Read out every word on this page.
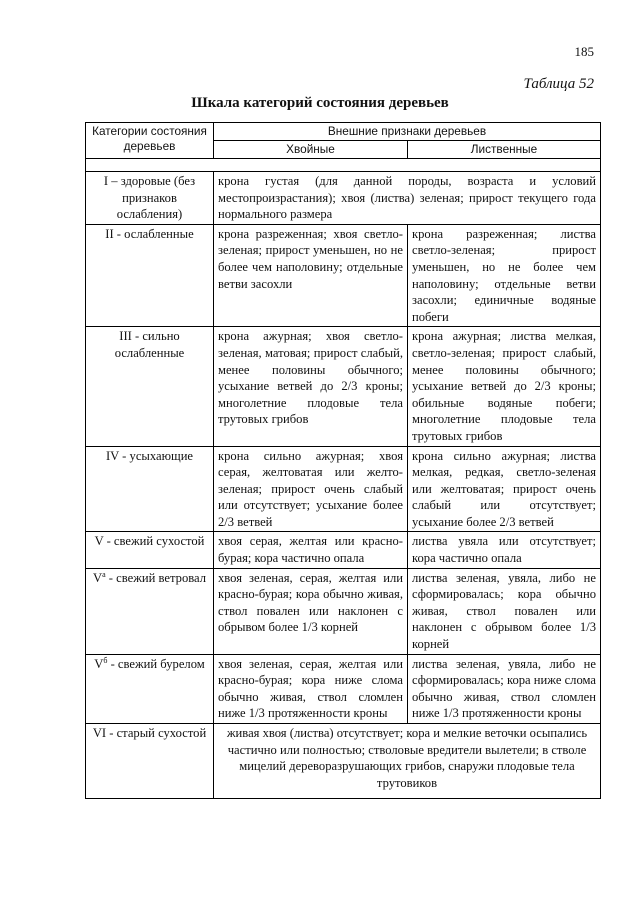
185
Таблица 52
Шкала категорий состояния деревьев
Категории состояния деревьев	Внешние признаки деревьев	
	Хвойные	Лиственные

I – здоровые (без признаков ослабления)	крона густая (для данной породы, возраста и условий местопроизрастания); хвоя (листва) зеленая; прирост текущего года нормального размера	
II - ослабленные	крона разреженная; хвоя светло-зеленая; прирост уменьшен, но не более чем наполовину; отдельные ветви засохли	крона разреженная; листва светло-зеленая; прирост уменьшен, но не более чем наполовину; отдельные ветви засохли; единичные водяные побеги
III - сильно ослабленные	крона ажурная; хвоя светло-зеленая, матовая; прирост слабый, менее половины обычного; усыхание ветвей до 2/3 кроны; многолетние плодовые тела трутовых грибов	крона ажурная; листва мелкая, светло-зеленая; прирост слабый, менее половины обычного; усыхание ветвей до 2/3 кроны; обильные водяные побеги; многолетние плодовые тела трутовых грибов
IV - усыхающие	крона сильно ажурная; хвоя серая, желтоватая или желто-зеленая; прирост очень слабый или отсутствует; усыхание более 2/3 ветвей	крона сильно ажурная; листва мелкая, редкая, светло-зеленая или желтоватая; прирост очень слабый или отсутствует; усыхание более 2/3 ветвей
V - свежий сухостой	хвоя серая, желтая или красно-бурая; кора частично опала	листва увяла или отсутствует; кора частично опала
$V^а$ - свежий ветровал	хвоя зеленая, серая, желтая или красно-бурая; кора обычно живая, ствол повален или наклонен с обрывом более 1/3 корней	листва зеленая, увяла, либо не сформировалась; кора обычно живая, ствол повален или наклонен с обрывом более 1/3 корней
$V^б$ - свежий бурелом	хвоя зеленая, серая, желтая или красно-бурая; кора ниже слома обычно живая, ствол сломлен ниже 1/3 протяженности кроны	листва зеленая, увяла, либо не сформировалась; кора ниже слома обычно живая, ствол сломлен ниже 1/3 протяженности кроны
VI - старый сухостой	живая хвоя (листва) отсутствует; кора и мелкие веточки осыпались частично или полностью; стволовые вредители вылетели; в стволе мицелий дереворазрушающих грибов, снаружи плодовые тела трутовиков	
